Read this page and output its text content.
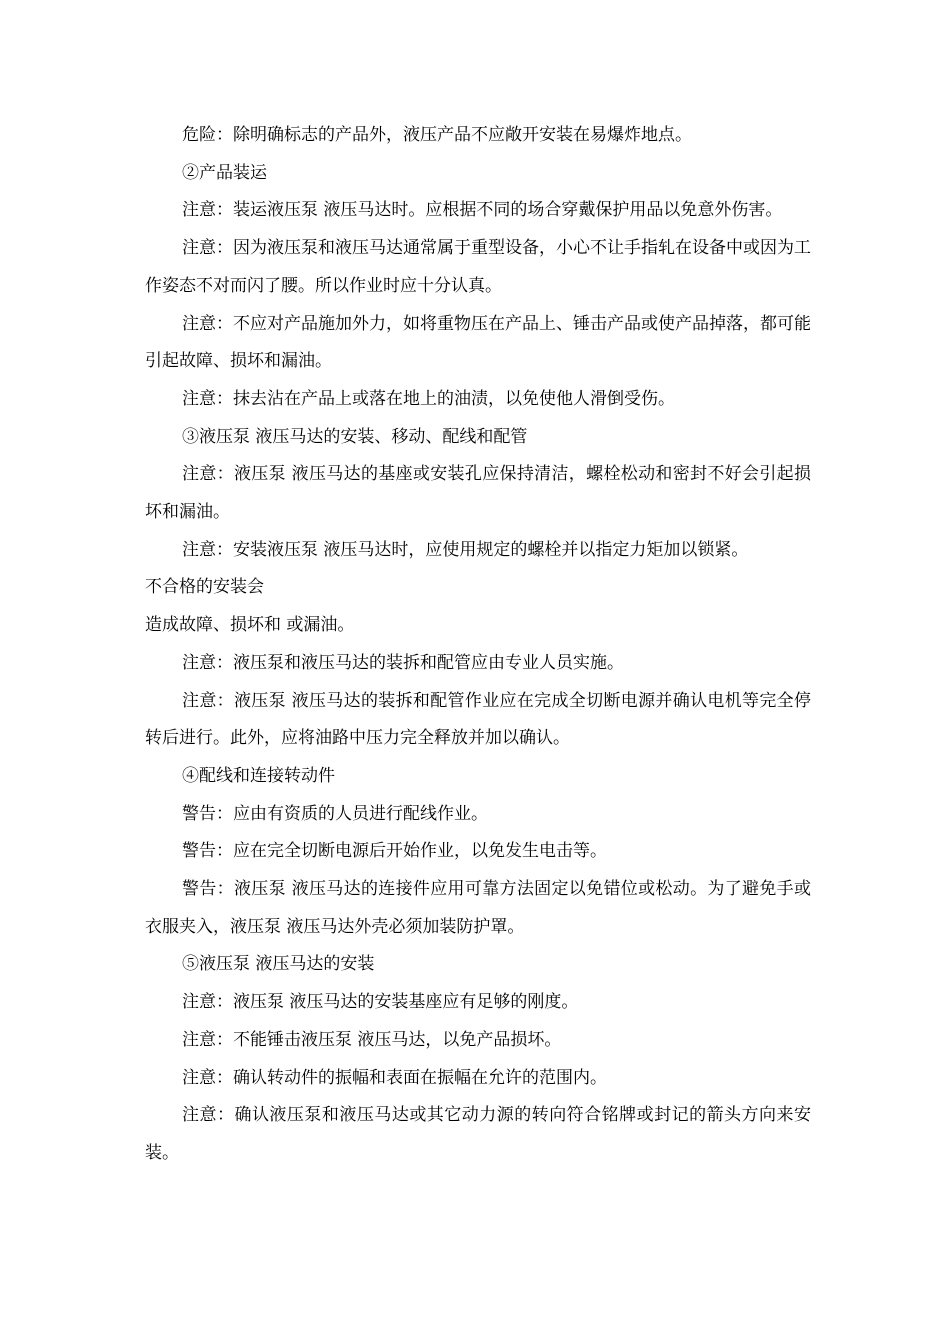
危险：除明确标志的产品外，液压产品不应敞开安装在易爆炸地点。

②产品装运

注意：装运液压泵 液压马达时。应根据不同的场合穿戴保护用品以免意外伤害。

注意：因为液压泵和液压马达通常属于重型设备，小心不让手指轧在设备中或因为工作姿态不对而闪了腰。所以作业时应十分认真。

注意：不应对产品施加外力，如将重物压在产品上、锤击产品或使产品掉落，都可能引起故障、损坏和漏油。

注意：抹去沾在产品上或落在地上的油渍，以免使他人滑倒受伤。

③液压泵 液压马达的安装、移动、配线和配管

注意：液压泵 液压马达的基座或安装孔应保持清洁，螺栓松动和密封不好会引起损坏和漏油。

注意：安装液压泵 液压马达时，应使用规定的螺栓并以指定力矩加以锁紧。

不合格的安装会

造成故障、损坏和 或漏油。

注意：液压泵和液压马达的装拆和配管应由专业人员实施。

注意：液压泵 液压马达的装拆和配管作业应在完成全切断电源并确认电机等完全停转后进行。此外，应将油路中压力完全释放并加以确认。

④配线和连接转动件

警告：应由有资质的人员进行配线作业。

警告：应在完全切断电源后开始作业，以免发生电击等。

警告：液压泵 液压马达的连接件应用可靠方法固定以免错位或松动。为了避免手或衣服夹入，液压泵 液压马达外壳必须加装防护罩。

⑤液压泵 液压马达的安装

注意：液压泵 液压马达的安装基座应有足够的刚度。

注意：不能锤击液压泵 液压马达，以免产品损坏。

注意：确认转动件的振幅和表面在振幅在允许的范围内。

注意：确认液压泵和液压马达或其它动力源的转向符合铭牌或封记的箭头方向来安装。
